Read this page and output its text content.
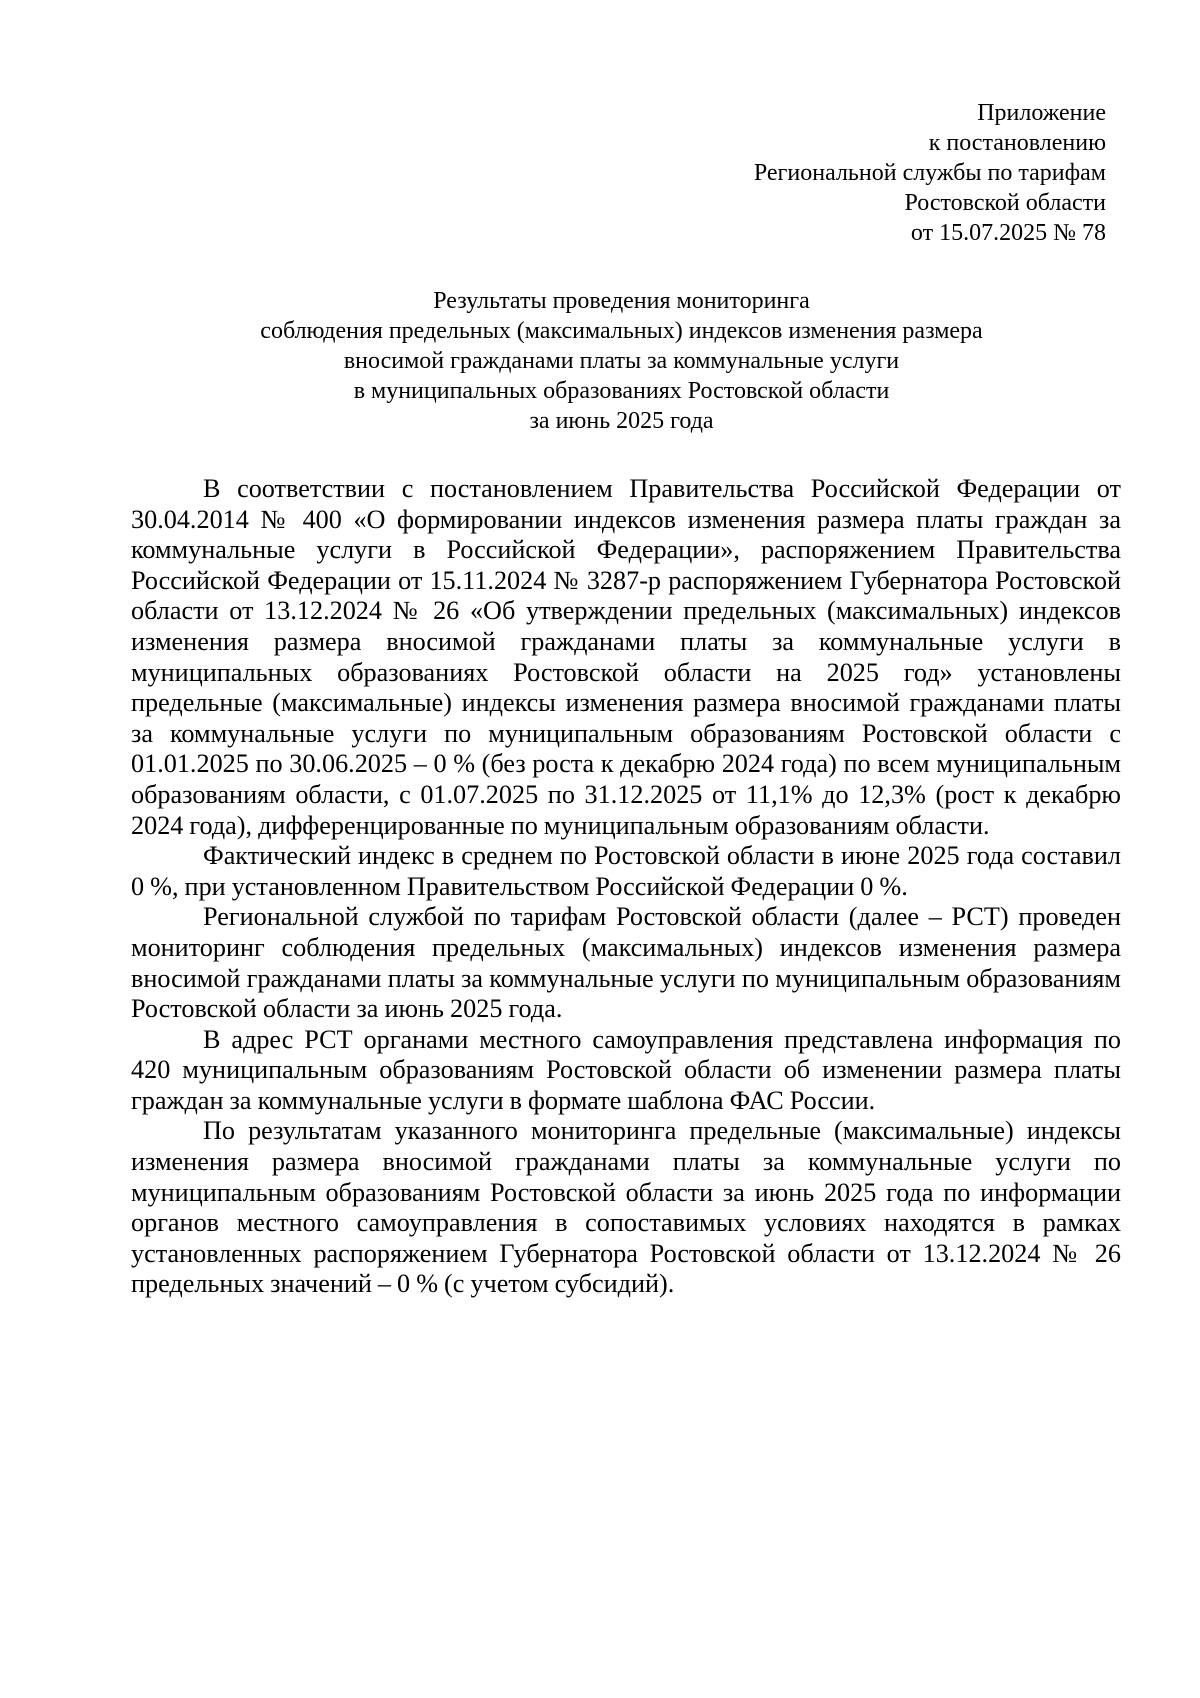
Приложение
к постановлению
Региональной службы по тарифам
Ростовской области
от 15.07.2025 № 78
Результаты проведения мониторинга
соблюдения предельных (максимальных) индексов изменения размера
вносимой гражданами платы за коммунальные услуги
в муниципальных образованиях Ростовской области
за июнь 2025 года

В соответствии с постановлением Правительства Российской Федерации от 30.04.2014 № 400 «О формировании индексов изменения размера платы граждан за коммунальные услуги в Российской Федерации», распоряжением Правительства Российской Федерации от 15.11.2024 № 3287-р распоряжением Губернатора Ростовской области от 13.12.2024 № 26 «Об утверждении предельных (максимальных) индексов изменения размера вносимой гражданами платы за коммунальные услуги в муниципальных образованиях Ростовской области на 2025 год» установлены предельные (максимальные) индексы изменения размера вносимой гражданами платы за коммунальные услуги по муниципальным образованиям Ростовской области с 01.01.2025 по 30.06.2025 – 0 % (без роста к декабрю 2024 года) по всем муниципальным образованиям области, с 01.07.2025 по 31.12.2025 от 11,1% до 12,3% (рост к декабрю 2024 года), дифференцированные по муниципальным образованиям области.

Фактический индекс в среднем по Ростовской области в июне 2025 года составил 0 %, при установленном Правительством Российской Федерации 0 %.

Региональной службой по тарифам Ростовской области (далее – РСТ) проведен мониторинг соблюдения предельных (максимальных) индексов изменения размера вносимой гражданами платы за коммунальные услуги по муниципальным образованиям Ростовской области за июнь 2025 года.

В адрес РСТ органами местного самоуправления представлена информация по 420 муниципальным образованиям Ростовской области об изменении размера платы граждан за коммунальные услуги в формате шаблона ФАС России.

По результатам указанного мониторинга предельные (максимальные) индексы изменения размера вносимой гражданами платы за коммунальные услуги по муниципальным образованиям Ростовской области за июнь 2025 года по информации органов местного самоуправления в сопоставимых условиях находятся в рамках установленных распоряжением Губернатора Ростовской области от 13.12.2024 № 26 предельных значений – 0 % (с учетом субсидий).
